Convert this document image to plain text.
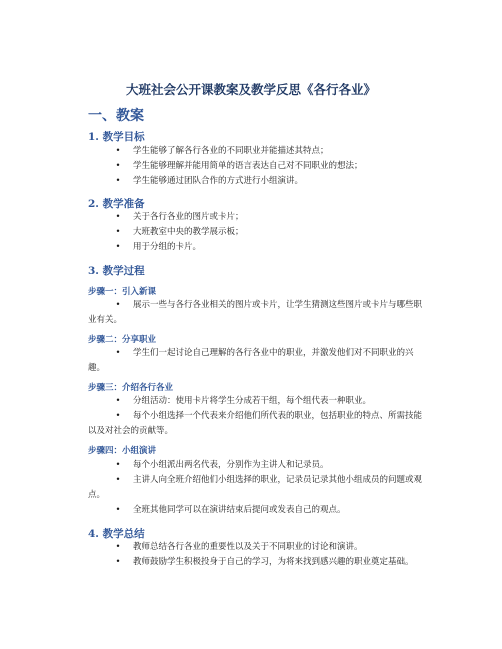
大班社会公开课教案及教学反思《各行各业》
一、教案
1. 教学目标
•	学生能够了解各行各业的不同职业并能描述其特点；
•	学生能够理解并能用简单的语言表达自己对不同职业的想法；
•	学生能够通过团队合作的方式进行小组演讲。
2. 教学准备
•	关于各行各业的图片或卡片；
•	大班教室中央的教学展示板；
•	用于分组的卡片。
3. 教学过程
步骤一：引入新课
•	展示一些与各行各业相关的图片或卡片，让学生猜测这些图片或卡片与哪些职业有关。
步骤二：分享职业
•	学生们一起讨论自己理解的各行各业中的职业，并激发他们对不同职业的兴趣。
步骤三：介绍各行各业
•	分组活动：使用卡片将学生分成若干组，每个组代表一种职业。
•	每个小组选择一个代表来介绍他们所代表的职业，包括职业的特点、所需技能以及对社会的贡献等。
步骤四：小组演讲
•	每个小组派出两名代表，分别作为主讲人和记录员。
•	主讲人向全班介绍他们小组选择的职业，记录员记录其他小组成员的问题或观点。
•	全班其他同学可以在演讲结束后提问或发表自己的观点。
4. 教学总结
•	教师总结各行各业的重要性以及关于不同职业的讨论和演讲。
•	教师鼓励学生积极投身于自己的学习，为将来找到感兴趣的职业奠定基础。
